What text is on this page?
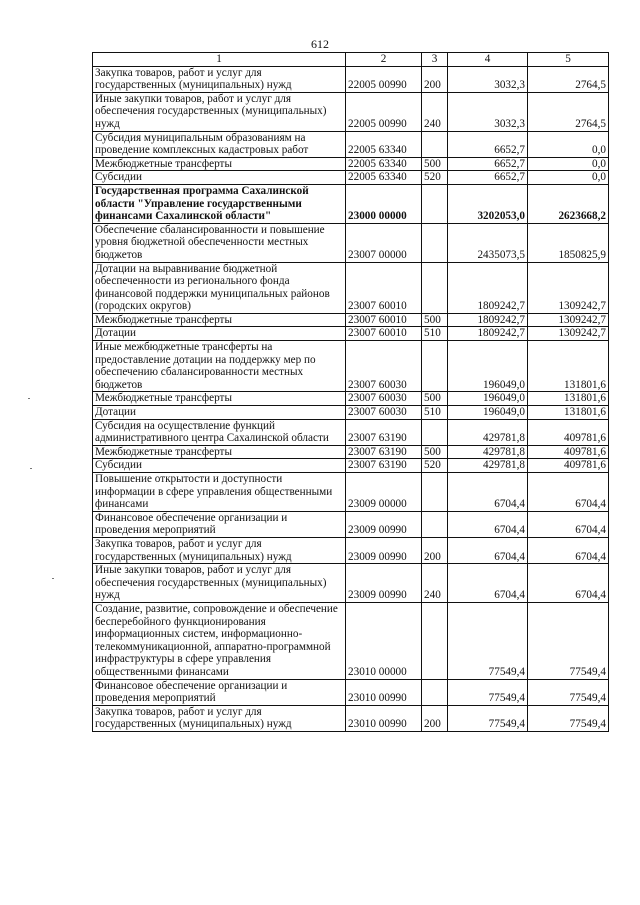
612
1	2	3	4	5
Закупка товаров, работ и услуг для государственных (муниципальных) нужд	22005 00990	200	3032,3	2764,5
Иные закупки товаров, работ и услуг для обеспечения государственных (муниципальных) нужд	22005 00990	240	3032,3	2764,5
Субсидия муниципальным образованиям на проведение комплексных кадастровых работ	22005 63340		6652,7	0,0
Межбюджетные трансферты	22005 63340	500	6652,7	0,0
Субсидии	22005 63340	520	6652,7	0,0
Государственная программа Сахалинской области "Управление государственными финансами Сахалинской области"	23000 00000		3202053,0	2623668,2
Обеспечение сбалансированности и повышение уровня бюджетной обеспеченности местных бюджетов	23007 00000		2435073,5	1850825,9
Дотации на выравнивание бюджетной обеспеченности из регионального фонда финансовой поддержки муниципальных районов (городских округов)	23007 60010		1809242,7	1309242,7
Межбюджетные трансферты	23007 60010	500	1809242,7	1309242,7
Дотации	23007 60010	510	1809242,7	1309242,7
Иные межбюджетные трансферты на предоставление дотации на поддержку мер по обеспечению сбалансированности местных бюджетов	23007 60030		196049,0	131801,6
Межбюджетные трансферты	23007 60030	500	196049,0	131801,6
Дотации	23007 60030	510	196049,0	131801,6
Субсидия на осуществление функций административного центра Сахалинской области	23007 63190		429781,8	409781,6
Межбюджетные трансферты	23007 63190	500	429781,8	409781,6
Субсидии	23007 63190	520	429781,8	409781,6
Повышение открытости и доступности информации в сфере управления общественными финансами	23009 00000		6704,4	6704,4
Финансовое обеспечение организации и проведения мероприятий	23009 00990		6704,4	6704,4
Закупка товаров, работ и услуг для государственных (муниципальных) нужд	23009 00990	200	6704,4	6704,4
Иные закупки товаров, работ и услуг для обеспечения государственных (муниципальных) нужд	23009 00990	240	6704,4	6704,4
Создание, развитие, сопровождение и обеспечение бесперебойного функционирования информационных систем, информационно-телекоммуникационной, аппаратно-программной инфраструктуры в сфере управления общественными финансами	23010 00000		77549,4	77549,4
Финансовое обеспечение организации и проведения мероприятий	23010 00990		77549,4	77549,4
Закупка товаров, работ и услуг для государственных (муниципальных) нужд	23010 00990	200	77549,4	77549,4
